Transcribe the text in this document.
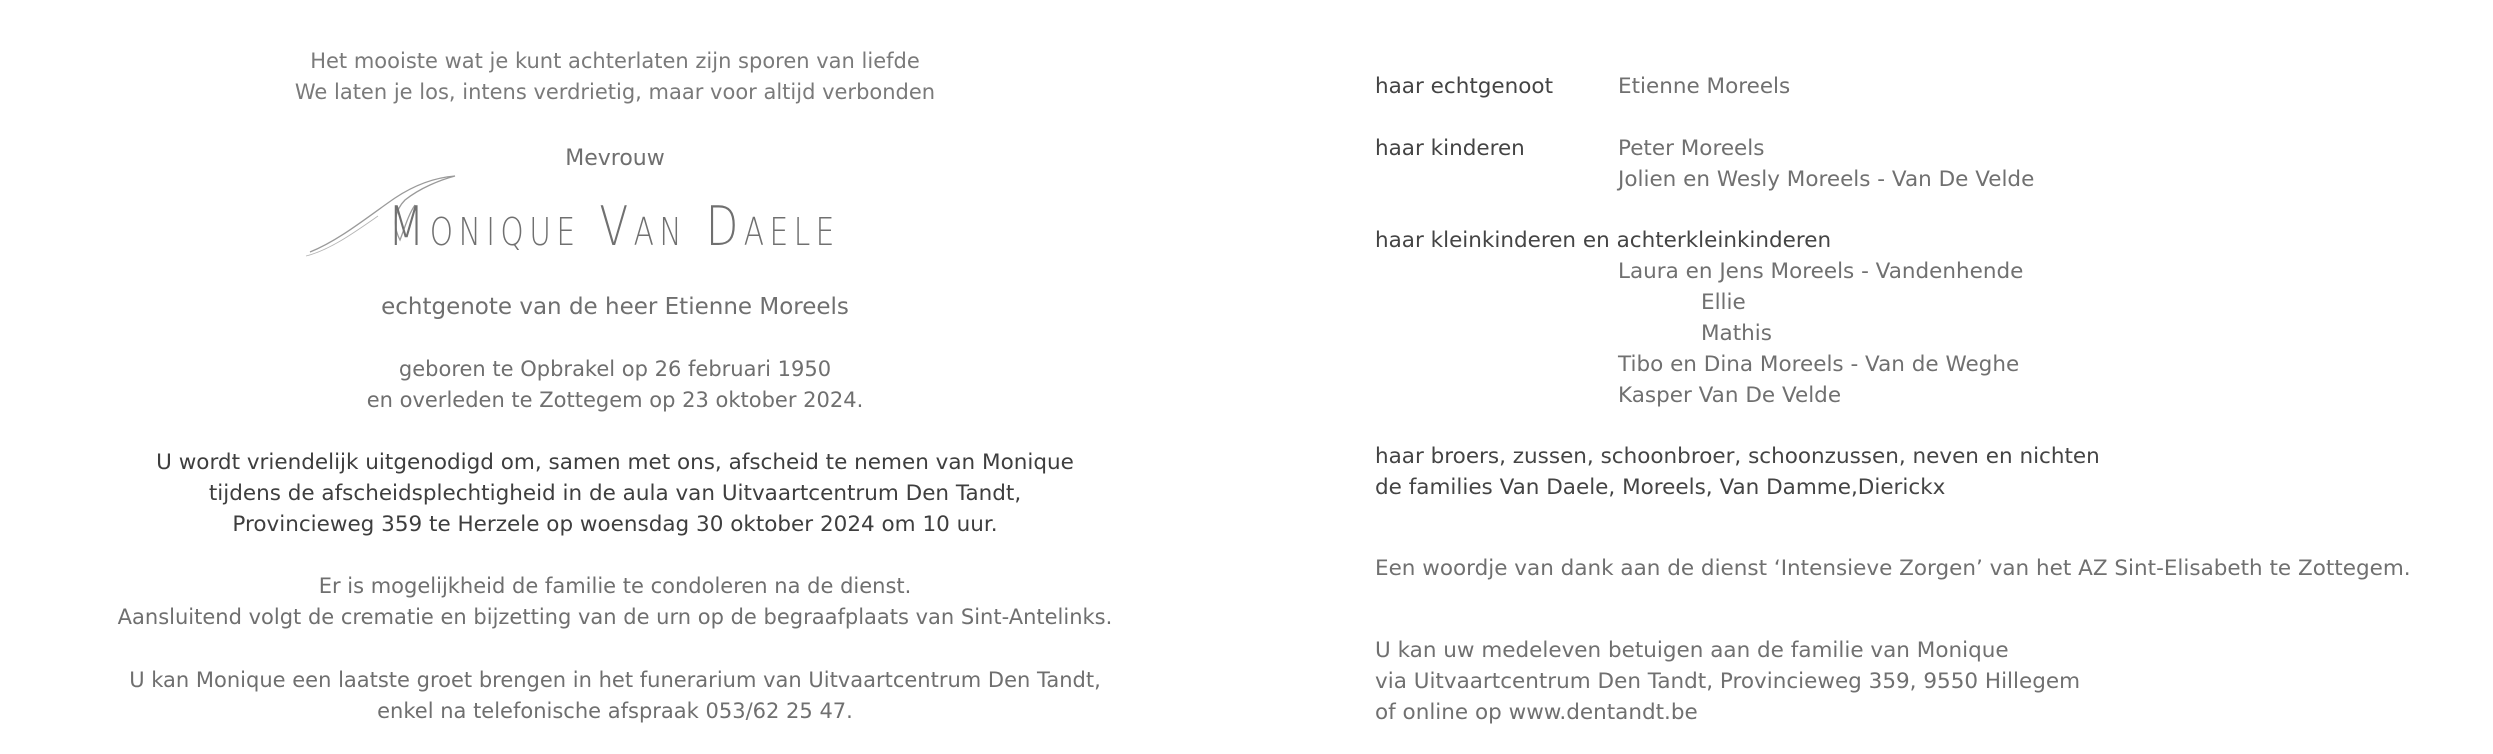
Het mooiste wat je kunt achterlaten zijn sporen van liefde
We laten je los, intens verdrietig, maar voor altijd verbonden
Mevrouw
Monique Van Daele
echtgenote van de heer Etienne Moreels
geboren te Opbrakel op 26 februari 1950
en overleden te Zottegem op 23 oktober 2024.
U wordt vriendelijk uitgenodigd om, samen met ons, afscheid te nemen van Monique
tijdens de afscheidsplechtigheid in de aula van Uitvaartcentrum Den Tandt,
Provincieweg 359 te Herzele op woensdag 30 oktober 2024 om 10 uur.
Er is mogelijkheid de familie te condoleren na de dienst.
Aansluitend volgt de crematie en bijzetting van de urn op de begraafplaats van Sint-Antelinks.
U kan Monique een laatste groet brengen in het funerarium van Uitvaartcentrum Den Tandt,
enkel na telefonische afspraak 053/62 25 47.
haar echtgenoot	Etienne Moreels
haar kinderen	Peter Moreels
Jolien en Wesly Moreels - Van De Velde
haar kleinkinderen en achterkleinkinderen
Laura en Jens Moreels - Vandenhende
Ellie
Mathis
Tibo en Dina Moreels - Van de Weghe
Kasper Van De Velde
haar broers, zussen, schoonbroer, schoonzussen, neven en nichten
de families Van Daele, Moreels, Van Damme,Dierickx
Een woordje van dank aan de dienst ‘Intensieve Zorgen’ van het AZ Sint-Elisabeth te Zottegem.
U kan uw medeleven betuigen aan de familie van Monique
via Uitvaartcentrum Den Tandt, Provincieweg 359, 9550 Hillegem
of online op www.dentandt.be
